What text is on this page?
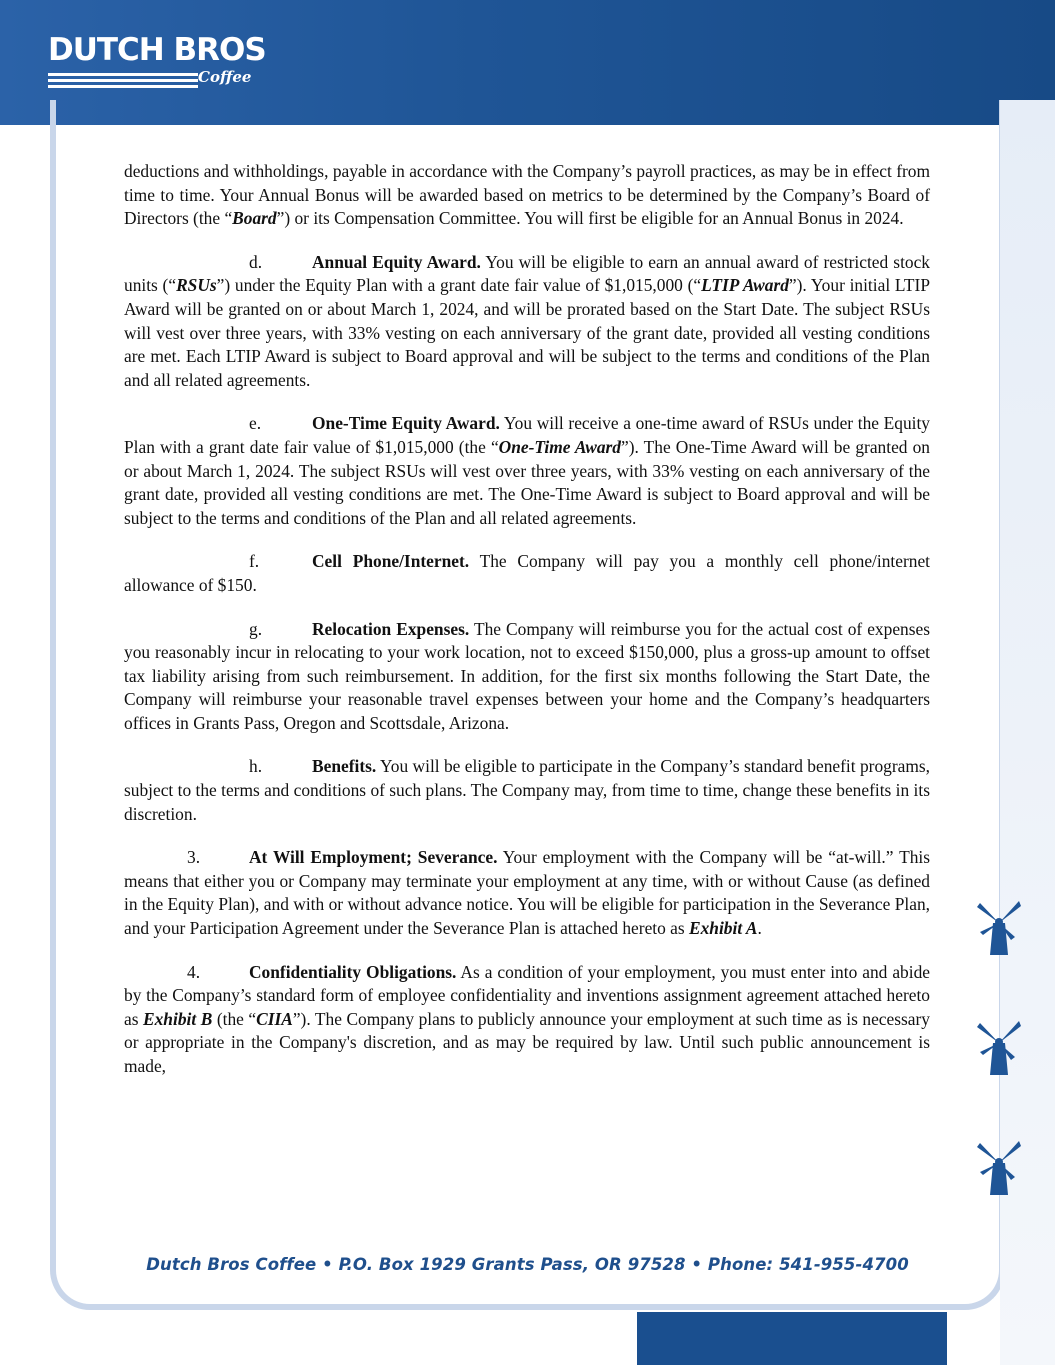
DUTCH BROS
Coffee

deductions and withholdings, payable in accordance with the Company’s payroll practices, as may be in effect from time to time. Your Annual Bonus will be awarded based on metrics to be determined by the Company’s Board of Directors (the “Board”) or its Compensation Committee. You will first be eligible for an Annual Bonus in 2024.

d.	Annual Equity Award. You will be eligible to earn an annual award of restricted stock units (“RSUs”) under the Equity Plan with a grant date fair value of $1,015,000 (“LTIP Award”). Your initial LTIP Award will be granted on or about March 1, 2024, and will be prorated based on the Start Date. The subject RSUs will vest over three years, with 33% vesting on each anniversary of the grant date, provided all vesting conditions are met. Each LTIP Award is subject to Board approval and will be subject to the terms and conditions of the Plan and all related agreements.

e.	One-Time Equity Award. You will receive a one-time award of RSUs under the Equity Plan with a grant date fair value of $1,015,000 (the “One-Time Award”). The One-Time Award will be granted on or about March 1, 2024. The subject RSUs will vest over three years, with 33% vesting on each anniversary of the grant date, provided all vesting conditions are met. The One-Time Award is subject to Board approval and will be subject to the terms and conditions of the Plan and all related agreements.

f.	Cell Phone/Internet. The Company will pay you a monthly cell phone/internet allowance of $150.

g.	Relocation Expenses. The Company will reimburse you for the actual cost of expenses you reasonably incur in relocating to your work location, not to exceed $150,000, plus a gross-up amount to offset tax liability arising from such reimbursement. In addition, for the first six months following the Start Date, the Company will reimburse your reasonable travel expenses between your home and the Company’s headquarters offices in Grants Pass, Oregon and Scottsdale, Arizona.

h.	Benefits. You will be eligible to participate in the Company’s standard benefit programs, subject to the terms and conditions of such plans. The Company may, from time to time, change these benefits in its discretion.

3.	At Will Employment; Severance. Your employment with the Company will be “at-will.” This means that either you or Company may terminate your employment at any time, with or without Cause (as defined in the Equity Plan), and with or without advance notice. You will be eligible for participation in the Severance Plan, and your Participation Agreement under the Severance Plan is attached hereto as Exhibit A.

4.	Confidentiality Obligations. As a condition of your employment, you must enter into and abide by the Company’s standard form of employee confidentiality and inventions assignment agreement attached hereto as Exhibit B (the “CIIA”). The Company plans to publicly announce your employment at such time as is necessary or appropriate in the Company's discretion, and as may be required by law. Until such public announcement is made,

Dutch Bros Coffee • P.O. Box 1929 Grants Pass, OR 97528 • Phone: 541-955-4700
